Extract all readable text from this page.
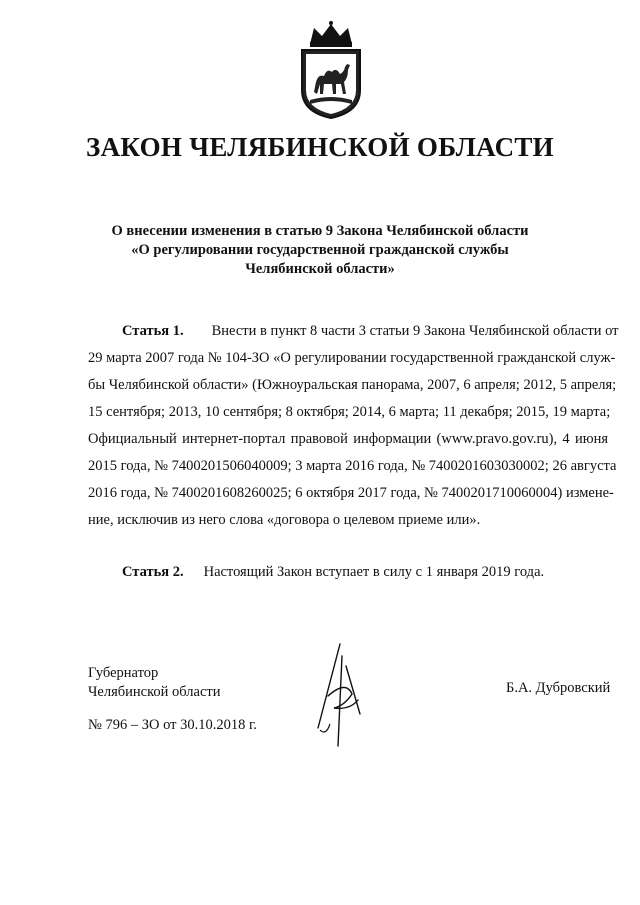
ЗАКОН ЧЕЛЯБИНСКОЙ ОБЛАСТИ
О внесении изменения в статью 9 Закона Челябинской области
«О регулировании государственной гражданской службы
Челябинской области»
Статья 1. Внести в пункт 8 части 3 статьи 9 Закона Челябинской области от
29 марта 2007 года № 104-ЗО «О регулировании государственной гражданской служ-
бы Челябинской области» (Южноуральская панорама, 2007, 6 апреля; 2012, 5 апреля;
15 сентября; 2013, 10 сентября; 8 октября; 2014, 6 марта; 11 декабря; 2015, 19 марта;
Официальный интернет-портал правовой информации (www.pravo.gov.ru), 4 июня
2015 года, № 7400201506040009; 3 марта 2016 года, № 7400201603030002; 26 августа
2016 года, № 7400201608260025; 6 октября 2017 года, № 7400201710060004) измене-
ние, исключив из него слова «договора о целевом приеме или».
Статья 2. Настоящий Закон вступает в силу с 1 января 2019 года.
Губернатор
Челябинской области	Б.А. Дубровский
№ 796 – ЗО от 30.10.2018 г.
